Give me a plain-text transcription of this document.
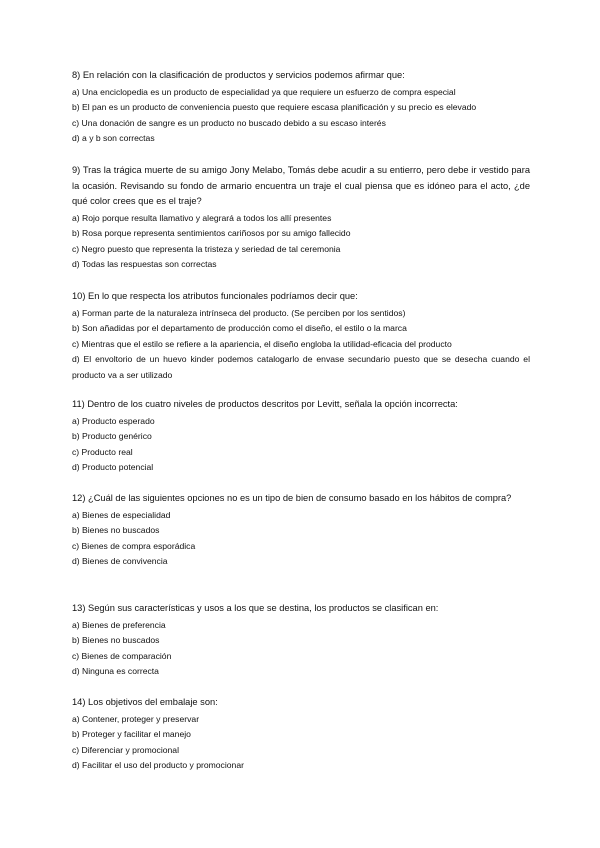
8) En relación con la clasificación de productos y servicios podemos afirmar que:

a) Una enciclopedia es un producto de especialidad ya que requiere un esfuerzo de compra especial

b) El pan es un producto de conveniencia puesto que requiere escasa planificación y su precio es elevado

c) Una donación de sangre es un producto no buscado debido a su escaso interés

d) a y b son correctas

9) Tras la trágica muerte de su amigo Jony Melabo, Tomás debe acudir a su entierro, pero debe ir vestido para la ocasión. Revisando su fondo de armario encuentra un traje el cual piensa que es idóneo para el acto, ¿de qué color crees que es el traje?

a) Rojo porque resulta llamativo y alegrará a todos los allí presentes

b) Rosa porque representa sentimientos cariñosos por su amigo fallecido

c) Negro puesto que representa la tristeza y seriedad de tal ceremonia

d) Todas las respuestas son correctas

10) En lo que respecta los atributos funcionales podríamos decir que:

a) Forman parte de la naturaleza intrínseca del producto. (Se perciben por los sentidos)

b) Son añadidas por el departamento de producción como el diseño, el estilo o la marca

c) Mientras que el estilo se refiere a la apariencia, el diseño engloba la utilidad-eficacia del producto

d) El envoltorio de un huevo kinder podemos catalogarlo de envase secundario puesto que se desecha cuando el producto va a ser utilizado

11) Dentro de los cuatro niveles de productos descritos por Levitt, señala la opción incorrecta:

a) Producto esperado

b) Producto genérico

c) Producto real

d) Producto potencial

12) ¿Cuál de las siguientes opciones no es un tipo de bien de consumo basado en los hábitos de compra?

a) Bienes de especialidad

b) Bienes no buscados

c) Bienes de compra esporádica

d) Bienes de convivencia

13) Según sus características y usos a los que se destina, los productos se clasifican en:

a) Bienes de preferencia

b) Bienes no buscados

c) Bienes de comparación

d) Ninguna es correcta

14) Los objetivos del embalaje son:

a) Contener, proteger y preservar

b) Proteger y facilitar el manejo

c) Diferenciar y promocional

d) Facilitar el uso del producto y promocionar
